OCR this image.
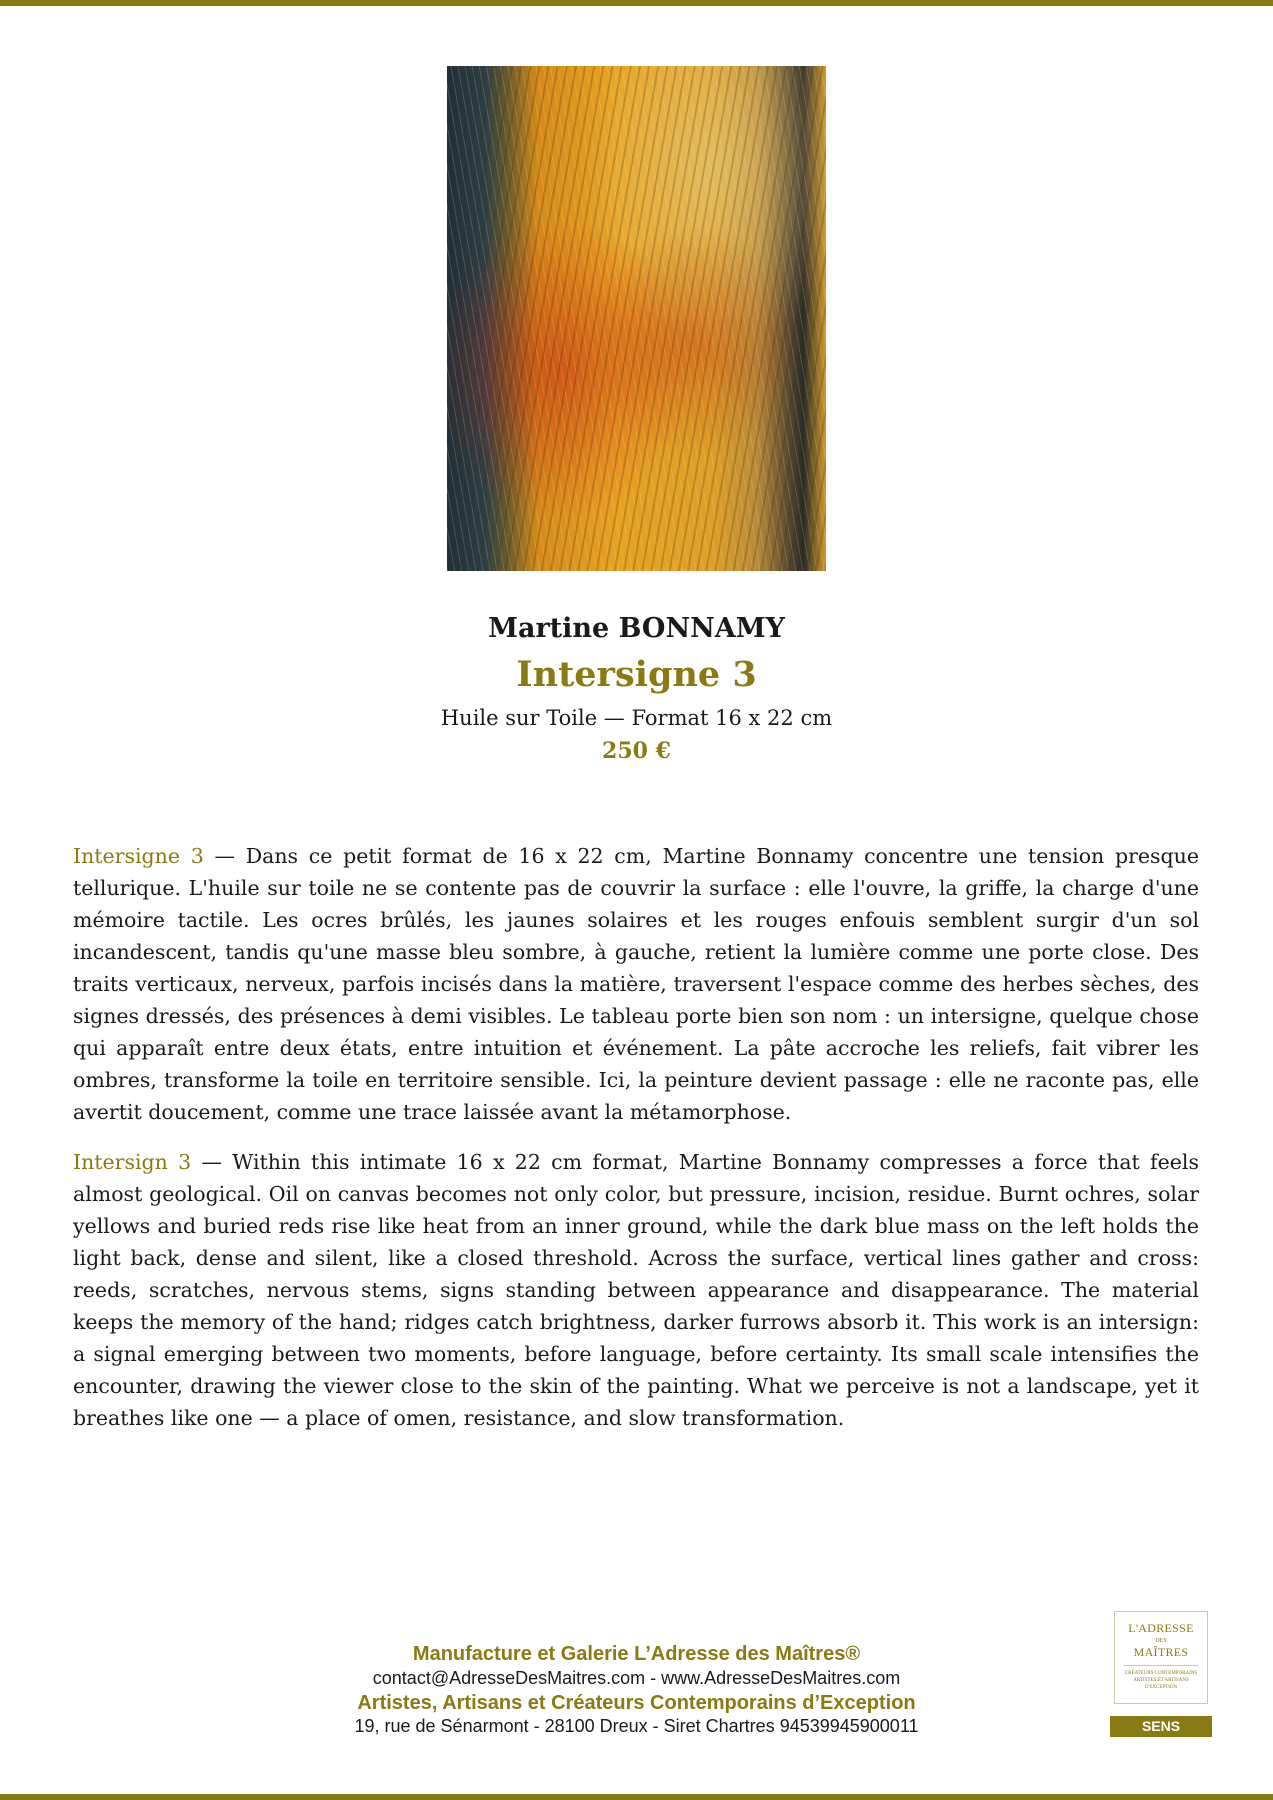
Martine BONNAMY
Intersigne 3
Huile sur Toile — Format 16 x 22 cm
250 €

Intersigne 3 — Dans ce petit format de 16 x 22 cm, Martine Bonnamy concentre une tension presque tellurique. L'huile sur toile ne se contente pas de couvrir la surface : elle l'ouvre, la griffe, la charge d'une mémoire tactile. Les ocres brûlés, les jaunes solaires et les rouges enfouis semblent surgir d'un sol incandescent, tandis qu'une masse bleu sombre, à gauche, retient la lumière comme une porte close. Des traits verticaux, nerveux, parfois incisés dans la matière, traversent l'espace comme des herbes sèches, des signes dressés, des présences à demi visibles. Le tableau porte bien son nom : un intersigne, quelque chose qui apparaît entre deux états, entre intuition et événement. La pâte accroche les reliefs, fait vibrer les ombres, transforme la toile en territoire sensible. Ici, la peinture devient passage : elle ne raconte pas, elle avertit doucement, comme une trace laissée avant la métamorphose.

Intersign 3 — Within this intimate 16 x 22 cm format, Martine Bonnamy compresses a force that feels almost geological. Oil on canvas becomes not only color, but pressure, incision, residue. Burnt ochres, solar yellows and buried reds rise like heat from an inner ground, while the dark blue mass on the left holds the light back, dense and silent, like a closed threshold. Across the surface, vertical lines gather and cross: reeds, scratches, nervous stems, signs standing between appearance and disappearance. The material keeps the memory of the hand; ridges catch brightness, darker furrows absorb it. This work is an intersign: a signal emerging between two moments, before language, before certainty. Its small scale intensifies the encounter, drawing the viewer close to the skin of the painting. What we perceive is not a landscape, yet it breathes like one — a place of omen, resistance, and slow transformation.

Manufacture et Galerie L’Adresse des Maîtres®
contact@AdresseDesMaitres.com - www.AdresseDesMaitres.com
Artistes, Artisans et Créateurs Contemporains d’Exception
19, rue de Sénarmont - 28100 Dreux - Siret Chartres 94539945900011
L'ADRESSE
DES
MAÎTRES
CRÉATEURS CONTEMPORAINS ARTISTES ET ARTISANS D'EXCEPTION
SENS
